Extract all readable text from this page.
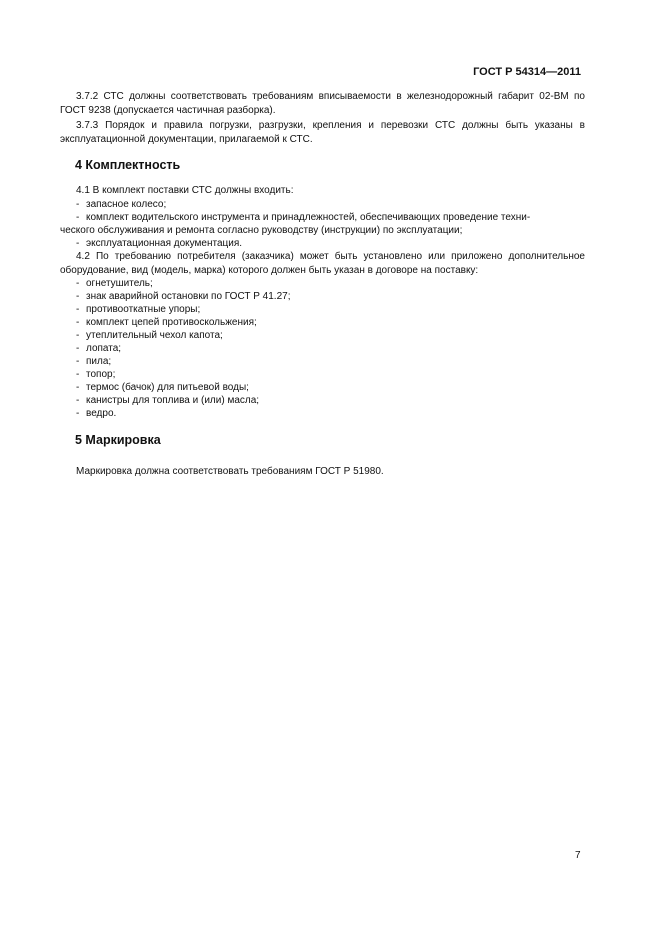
ГОСТ Р 54314—2011

3.7.2 СТС должны соответствовать требованиям вписываемости в железнодорожный габарит 02-ВМ по ГОСТ 9238 (допускается частичная разборка).

3.7.3 Порядок и правила погрузки, разгрузки, крепления и перевозки СТС должны быть указаны в эксплуатационной документации, прилагаемой к СТС.

4 Комплектность

4.1 В комплект поставки СТС должны входить:

- запасное колесо;
- комплект водительского инструмента и принадлежностей, обеспечивающих проведение техни-
ческого обслуживания и ремонта согласно руководству (инструкции) по эксплуатации;
- эксплуатационная документация.

4.2 По требованию потребителя (заказчика) может быть установлено или приложено дополнительное оборудование, вид (модель, марка) которого должен быть указан в договоре на поставку:

- огнетушитель;
- знак аварийной остановки по ГОСТ Р 41.27;
- противооткатные упоры;
- комплект цепей противоскольжения;
- утеплительный чехол капота;
- лопата;
- пила;
- топор;
- термос (бачок) для питьевой воды;
- канистры для топлива и (или) масла;
- ведро.
5 Маркировка

Маркировка должна соответствовать требованиям ГОСТ Р 51980.

7
